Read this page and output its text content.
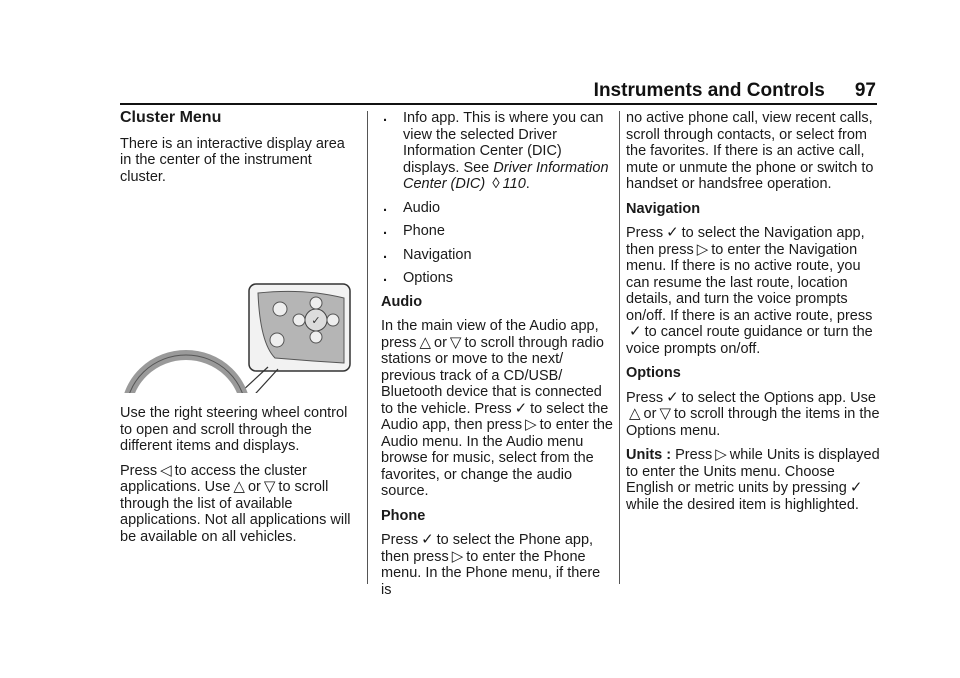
Instruments and Controls 97

Cluster Menu

There is an interactive display area in the center of the instrument cluster.

✓

Use the right steering wheel control to open and scroll through the different items and displays.

Press ◁ to access the cluster applications. Use △ or ▽ to scroll through the list of available applications. Not all applications will be available on all vehicles.

. Info app. This is where you can view the selected Driver Information Center (DIC) displays. See Driver Information Center (DIC) ◊ 110.

. Audio

. Phone

. Navigation

. Options

Audio

In the main view of the Audio app, press △ or ▽ to scroll through radio stations or move to the next/ previous track of a CD/USB/ Bluetooth device that is connected to the vehicle. Press ✓ to select the Audio app, then press ▷ to enter the Audio menu. In the Audio menu browse for music, select from the favorites, or change the audio source.

Phone

Press ✓ to select the Phone app, then press ▷ to enter the Phone menu. In the Phone menu, if there is

no active phone call, view recent calls, scroll through contacts, or select from the favorites. If there is an active call, mute or unmute the phone or switch to handset or handsfree operation.

Navigation

Press ✓ to select the Navigation app, then press ▷ to enter the Navigation menu. If there is no active route, you can resume the last route, location details, and turn the voice prompts on/off. If there is an active route, press✓ to cancel route guidance or turn the voice prompts on/off.

Options

Press ✓ to select the Options app. Use△ or ▽ to scroll through the items in the Options menu.

Units : Press ▷ while Units is displayed to enter the Units menu. Choose English or metric units by pressing ✓while the desired item is highlighted.
